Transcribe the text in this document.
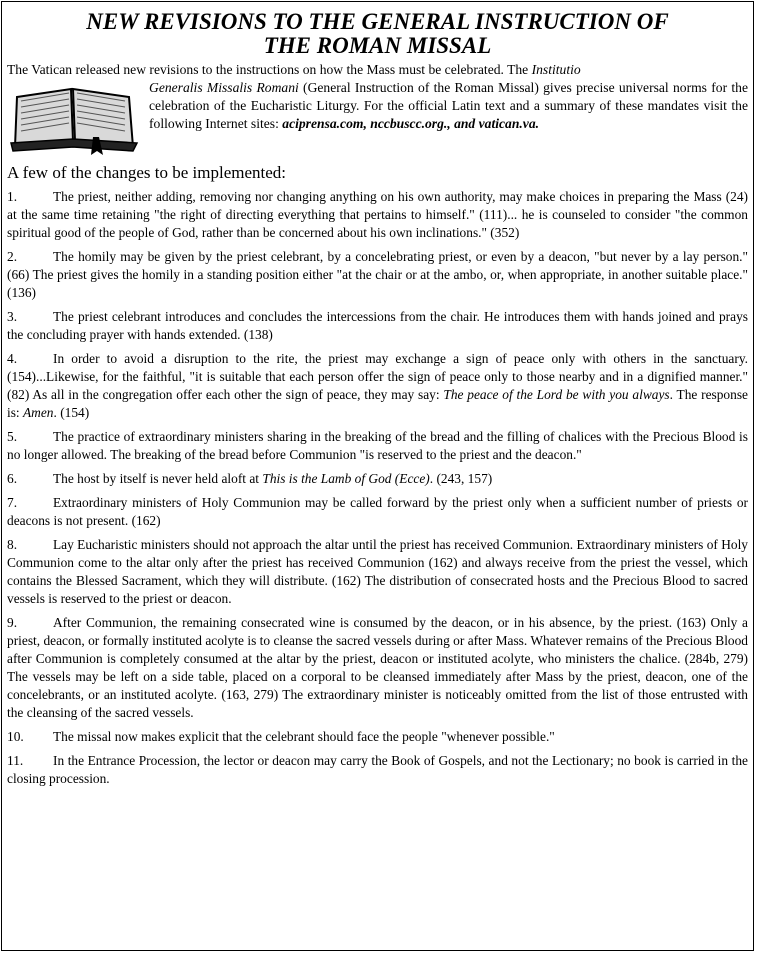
NEW REVISIONS TO THE GENERAL INSTRUCTION OF
THE ROMAN MISSAL
The Vatican released new revisions to the instructions on how the Mass must be celebrated. The Institutio
Generalis Missalis Romani (General Instruction of the Roman Missal) gives precise universal norms for the celebration of the Eucharistic Liturgy. For the official Latin text and a summary of these mandates visit the following Internet sites: aciprensa.com, nccbuscc.org., and vatican.va.
A few of the changes to be implemented:
1.	The priest, neither adding, removing nor changing anything on his own authority, may make choices in preparing the Mass (24) at the same time retaining "the right of directing everything that pertains to himself." (111)... he is counseled to consider "the common spiritual good of the people of God, rather than be concerned about his own inclinations." (352)
2.	The homily may be given by the priest celebrant, by a concelebrating priest, or even by a deacon, "but never by a lay person." (66) The priest gives the homily in a standing position either "at the chair or at the ambo, or, when appropriate, in another suitable place." (136)
3.	The priest celebrant introduces and concludes the intercessions from the chair. He introduces them with hands joined and prays the concluding prayer with hands extended. (138)
4.	In order to avoid a disruption to the rite, the priest may exchange a sign of peace only with others in the sanctuary. (154)...Likewise, for the faithful, "it is suitable that each person offer the sign of peace only to those nearby and in a dignified manner." (82) As all in the congregation offer each other the sign of peace, they may say: The peace of the Lord be with you always. The response is: Amen. (154)
5.	The practice of extraordinary ministers sharing in the breaking of the bread and the filling of chalices with the Precious Blood is no longer allowed. The breaking of the bread before Communion "is reserved to the priest and the deacon."
6.	The host by itself is never held aloft at This is the Lamb of God (Ecce). (243, 157)
7.	Extraordinary ministers of Holy Communion may be called forward by the priest only when a sufficient number of priests or deacons is not present. (162)
8.	Lay Eucharistic ministers should not approach the altar until the priest has received Communion. Extraordinary ministers of Holy Communion come to the altar only after the priest has received Communion (162) and always receive from the priest the vessel, which contains the Blessed Sacrament, which they will distribute. (162) The distribution of consecrated hosts and the Precious Blood to sacred vessels is reserved to the priest or deacon.
9.	After Communion, the remaining consecrated wine is consumed by the deacon, or in his absence, by the priest. (163) Only a priest, deacon, or formally instituted acolyte is to cleanse the sacred vessels during or after Mass. Whatever remains of the Precious Blood after Communion is completely consumed at the altar by the priest, deacon or instituted acolyte, who ministers the chalice. (284b, 279) The vessels may be left on a side table, placed on a corporal to be cleansed immediately after Mass by the priest, deacon, one of the concelebrants, or an instituted acolyte. (163, 279) The extraordinary minister is noticeably omitted from the list of those entrusted with the cleansing of the sacred vessels.
10. The missal now makes explicit that the celebrant should face the people "whenever possible."
11. In the Entrance Procession, the lector or deacon may carry the Book of Gospels, and not the Lectionary; no book is carried in the closing procession.
